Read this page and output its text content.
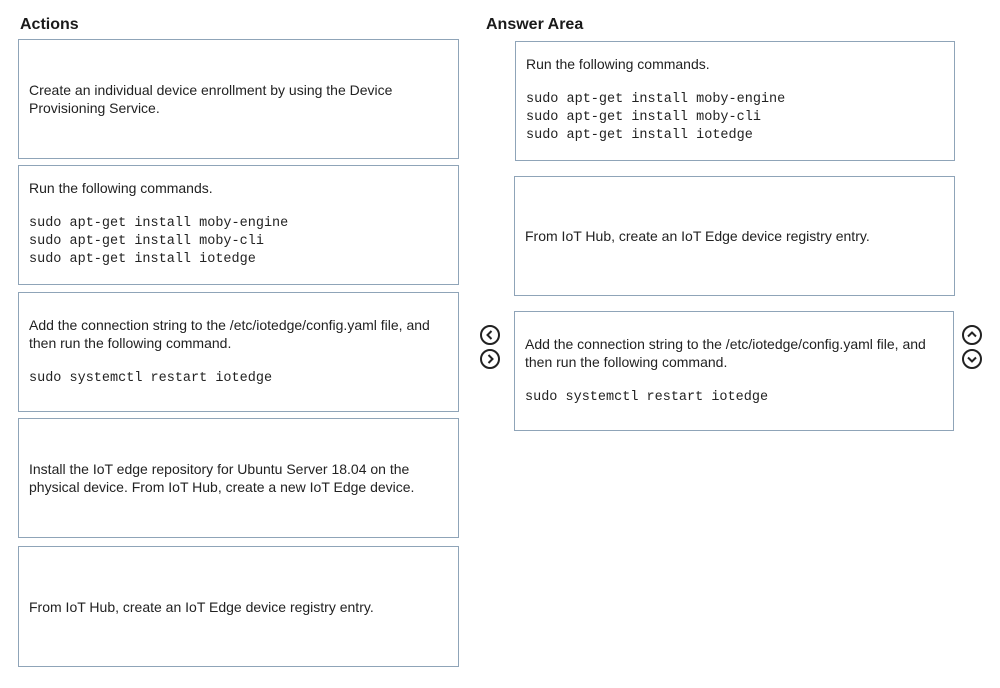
Actions	Answer Area
Create an individual device enrollment by using the Device
Provisioning Service.
Run the following commands.
sudo apt-get install moby-engine
sudo apt-get install moby-cli
sudo apt-get install iotedge
Add the connection string to the /etc/iotedge/config.yaml file, and
then run the following command.
sudo systemctl restart iotedge
Install the IoT edge repository for Ubuntu Server 18.04 on the
physical device. From IoT Hub, create a new IoT Edge device.
From IoT Hub, create an IoT Edge device registry entry.
Run the following commands.
sudo apt-get install moby-engine
sudo apt-get install moby-cli
sudo apt-get install iotedge
From IoT Hub, create an IoT Edge device registry entry.
Add the connection string to the /etc/iotedge/config.yaml file, and
then run the following command.
sudo systemctl restart iotedge
